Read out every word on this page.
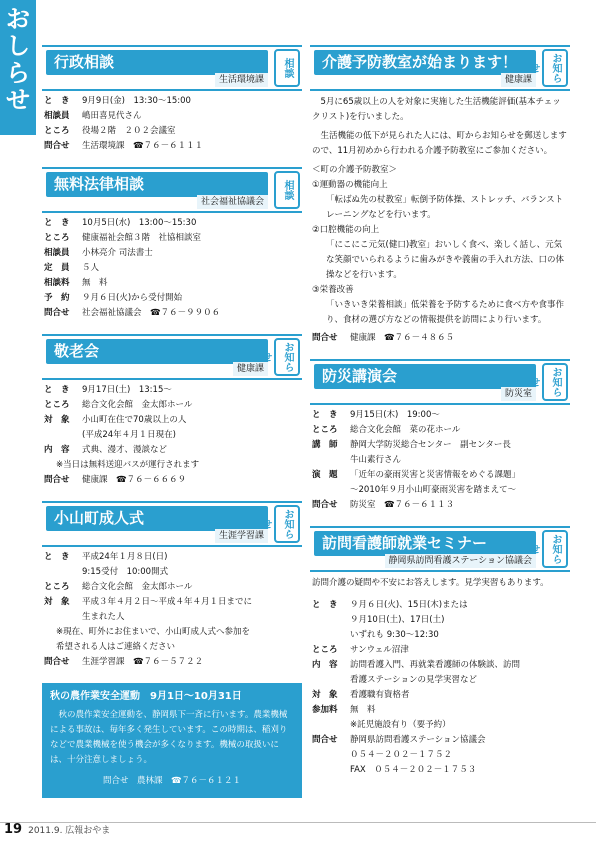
お
し
ら
せ
行政相談
生活環境課
相談
と　き	9月9日(金)　13:30～15:00
相談員	嶋田喜見代さん
ところ	役場２階　２０２会議室
問合せ	生活環境課　☎７６－６１１１
無料法律相談
社会福祉協議会
相談
と　き	10月5日(水)　13:00～15:30
ところ	健康福祉会館３階　社協相談室
相談員	小林亮介 司法書士
定　員	５人
相談料	無　料
予　約	９月６日(火)から受付開始
問合せ	社会福祉協議会　☎７６－９９０６
敬老会
健康課	お知らせ
と　き	9月17日(土)　13:15～
ところ	総合文化会館　金太郎ホール
対　象	小山町在住で70歳以上の人
(平成24年４月１日現在)
内　容	式典、漫才、漫談など
※当日は無料送迎バスが運行されます
問合せ	健康課　☎７６－６６６９
小山町成人式
生涯学習課	お知らせ
と　き	平成24年１月８日(日)
9:15受付　10:00開式
ところ	総合文化会館　金太郎ホール
対　象	平成３年４月２日～平成４年４月１日までに
生まれた人
※現在、町外にお住まいで、小山町成人式へ参加を
希望される人はご連絡ください
問合せ	生涯学習課　☎７６－５７２２
秋の農作業安全運動　9月1日～10月31日
秋の農作業安全運動を、静岡県下一斉に行います。農業機械による事故は、毎年多く発生しています。この時期は、稲刈りなどで農業機械を使う機会が多くなります。機械の取扱いには、十分注意しましょう。
問合せ　農林課　☎７６－６１２１
介護予防教室が始まります！
健康課	お知らせ
5月に65歳以上の人を対象に実施した生活機能評価(基本チェックリスト)を行いました。
生活機能の低下が見られた人には、町からお知らせを郵送しますので、11月初めから行われる介護予防教室にご参加ください。
＜町の介護予防教室＞
①運動器の機能向上
「転ばぬ先の杖教室」転倒予防体操、ストレッチ、バランストレーニングなどを行います。
②口腔機能の向上
「にこにこ元気(健口)教室」おいしく食べ、楽しく話し、元気な笑顔でいられるように歯みがきや義歯の手入れ方法、口の体操などを行います。
③栄養改善
「いきいき栄養相談」低栄養を予防するために食べ方や食事作り、食材の選び方などの情報提供を訪問により行います。
問合せ	健康課　☎７６－４８６５
防災講演会
防災室	お知らせ
と　き	9月15日(木)　19:00～
ところ	総合文化会館　菜の花ホール
講　師	静岡大学防災総合センター　副センター長
牛山素行さん
演　題	「近年の豪雨災害と災害情報をめぐる課題」
～2010年９月小山町豪雨災害を踏まえて～
問合せ	防災室　☎７６－６１１３
訪問看護師就業セミナー
静岡県訪問看護ステーション協議会	お知らせ
訪問介護の疑問や不安にお答えします。見学実習もあります。
と　き	９月６日(火)、15日(木)または
９月10日(土)、17日(土)
いずれも 9:30～12:30
ところ	サンウェル沼津
内　容	訪問看護入門、再就業看護師の体験談、訪問
看護ステーションの見学実習など
対　象	看護職有資格者
参加料	無　料
※託児施設有り（要予約）
問合せ	静岡県訪問看護ステーション協議会
０５４－２０２－１７５２
FAX　０５４－２０２－１７５３
19 2011.9. 広報おやま
